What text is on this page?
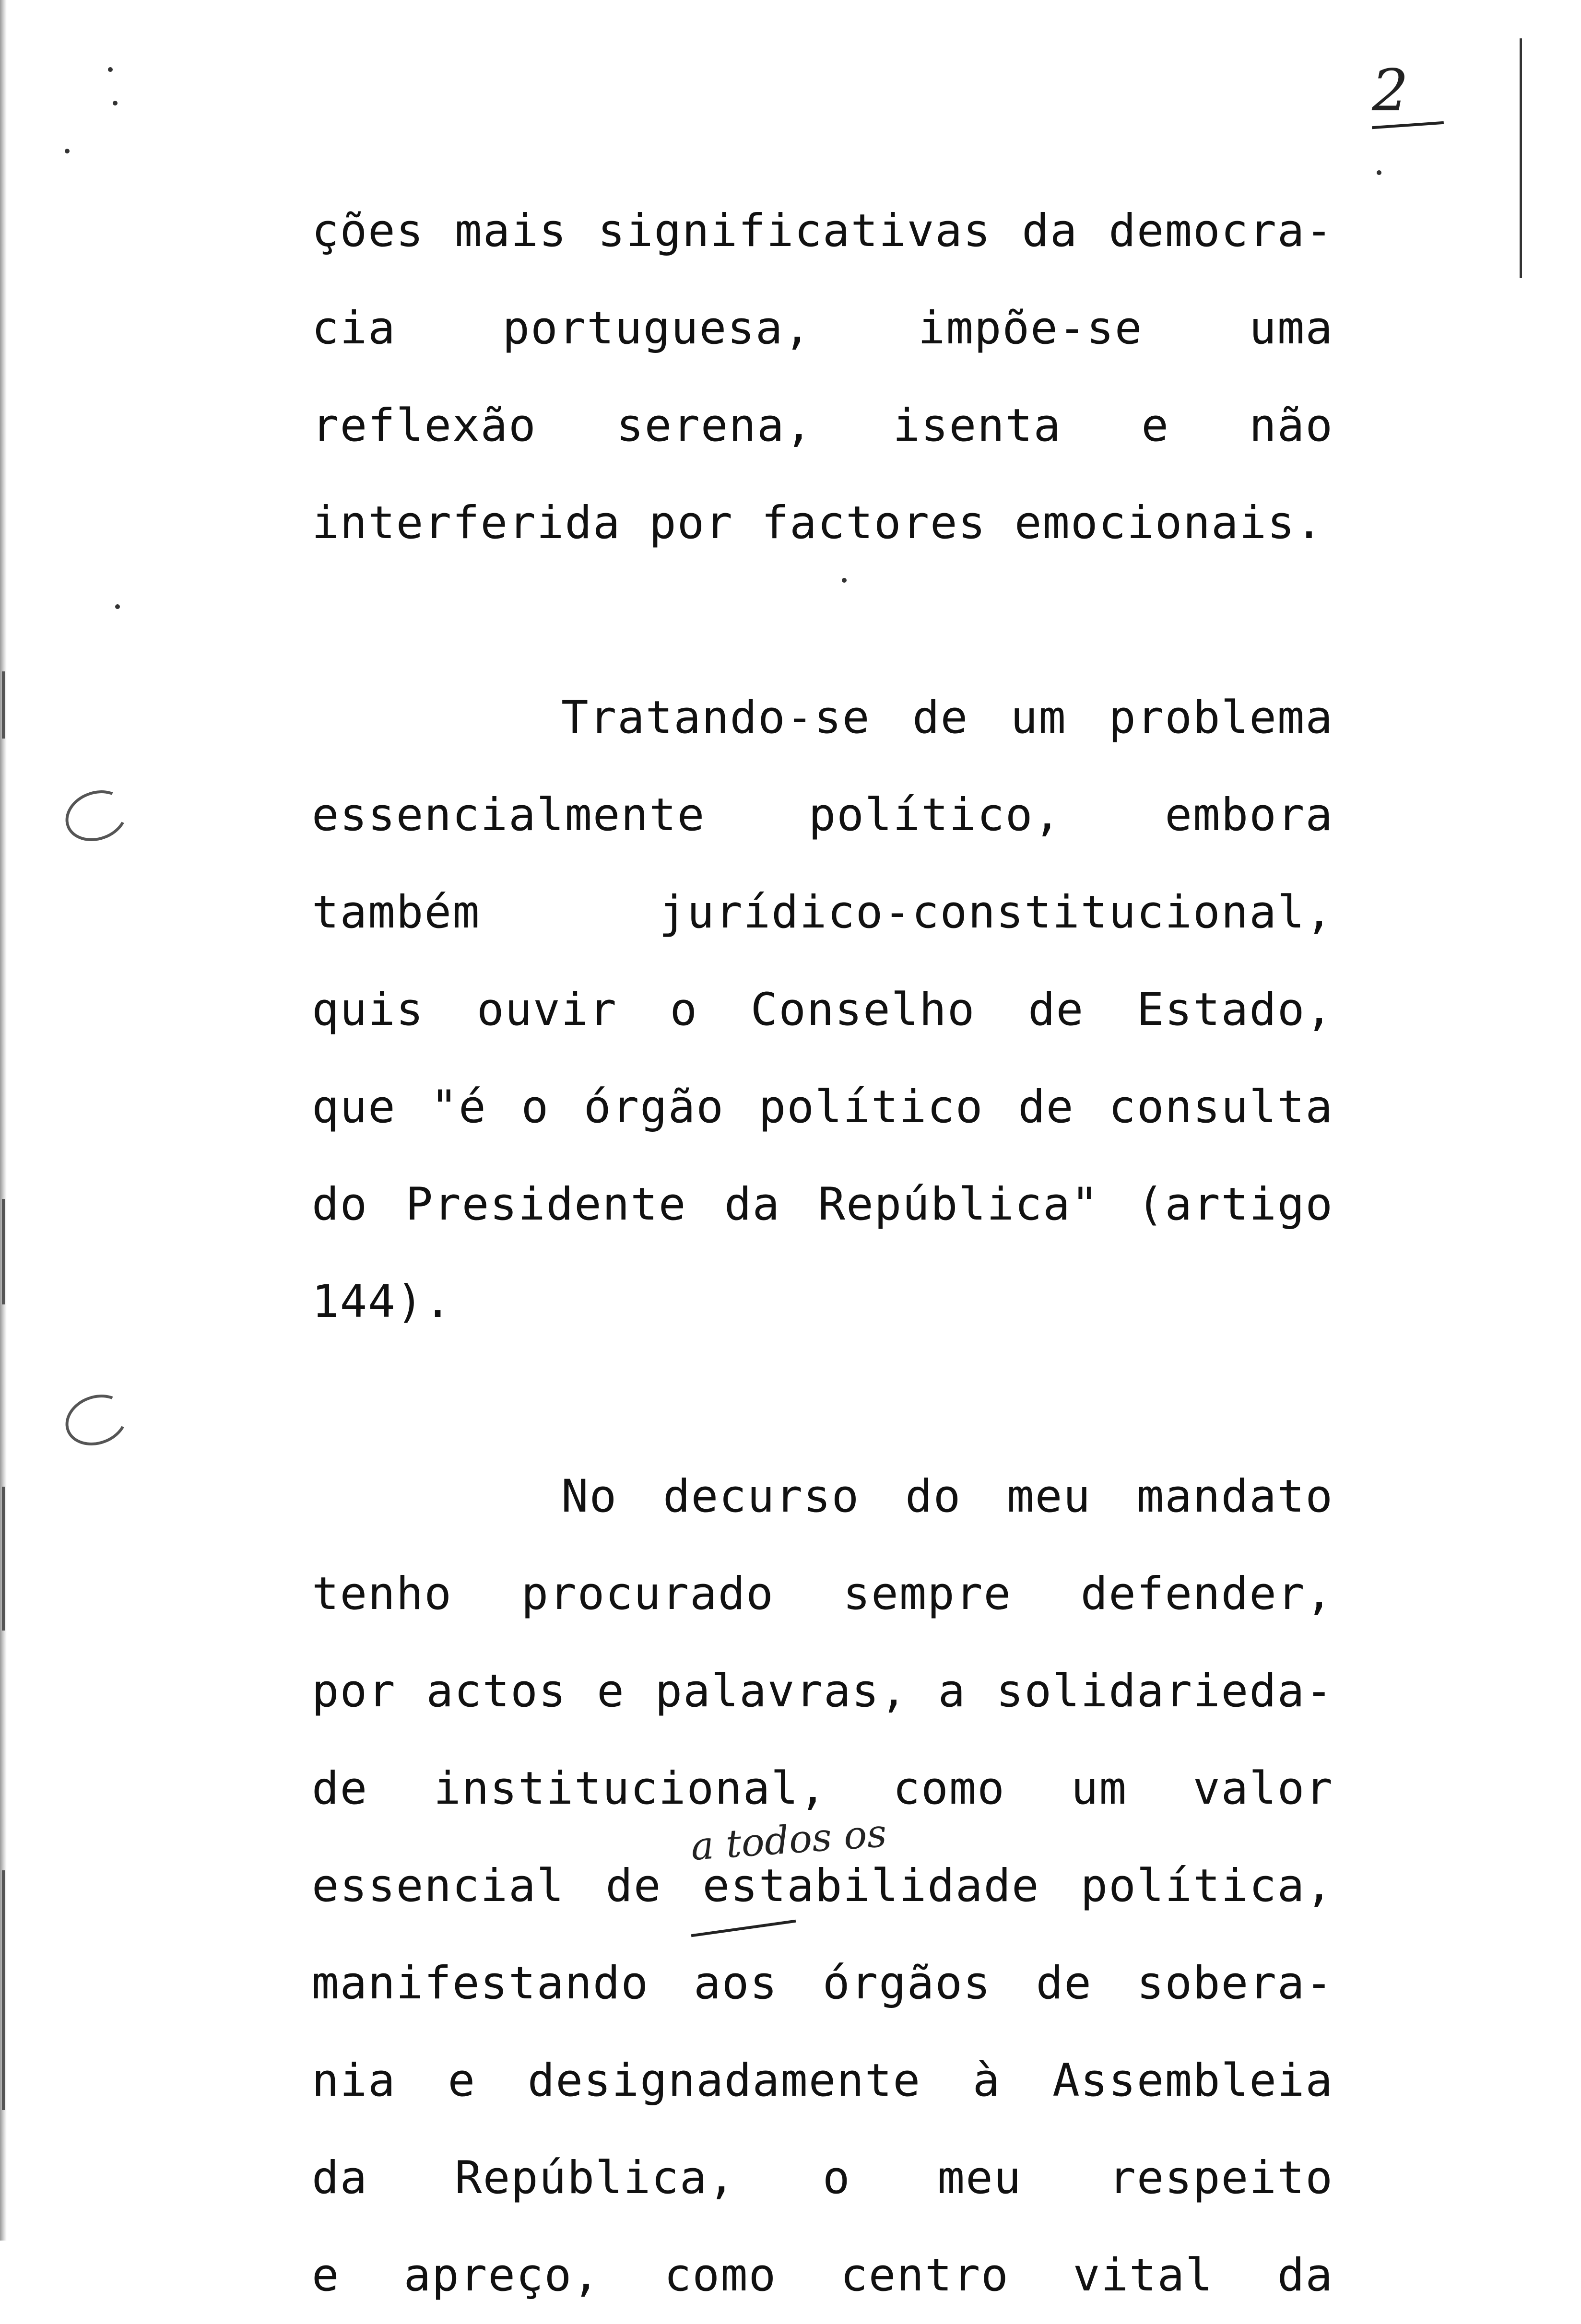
2
a todos os
ções mais significativas da democra-
cia portuguesa, impõe-se uma
reflexão serena, isenta e não
interferida por factores emocionais.
Tratando-se de um problema
essencialmente político, embora
também jurídico-constitucional,
quis ouvir o Conselho de Estado,
que "é o órgão político de consulta
do Presidente da República" (artigo
144).
No decurso do meu mandato
tenho procurado sempre defender,
por actos e palavras, a solidarieda-
de institucional, como um valor
essencial de estabilidade política,
manifestando aos órgãos de sobera-
nia e designadamente à Assembleia
da República, o meu respeito
e apreço, como centro vital da
